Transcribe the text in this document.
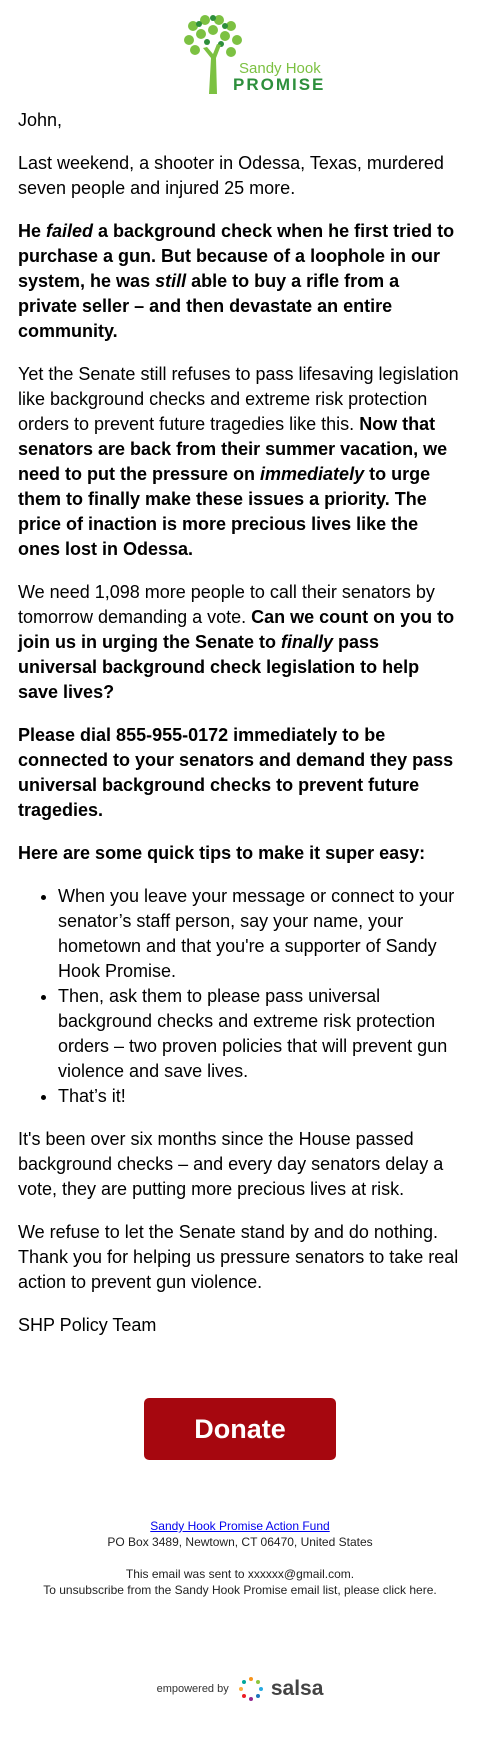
Sandy Hook
PROMISE

John,

Last weekend, a shooter in Odessa, Texas, murdered seven people and injured 25 more.

He failed a background check when he first tried to purchase a gun. But because of a loophole in our system, he was still able to buy a rifle from a private seller – and then devastate an entire community.

Yet the Senate still refuses to pass lifesaving legislation like background checks and extreme risk protection orders to prevent future tragedies like this. Now that senators are back from their summer vacation, we need to put the pressure on immediately to urge them to finally make these issues a priority. The price of inaction is more precious lives like the ones lost in Odessa.

We need 1,098 more people to call their senators by tomorrow demanding a vote. Can we count on you to join us in urging the Senate to finally pass universal background check legislation to help save lives?

Please dial 855-955-0172 immediately to be connected to your senators and demand they pass universal background checks to prevent future tragedies.

Here are some quick tips to make it super easy:

• When you leave your message or connect to your senator’s staff person, say your name, your hometown and that you're a supporter of Sandy Hook Promise.
• Then, ask them to please pass universal background checks and extreme risk protection orders – two proven policies that will prevent gun violence and save lives.
• That’s it!

It's been over six months since the House passed background checks – and every day senators delay a vote, they are putting more precious lives at risk.

We refuse to let the Senate stand by and do nothing. Thank you for helping us pressure senators to take real action to prevent gun violence.

SHP Policy Team

Donate
Sandy Hook Promise Action Fund
PO Box 3489, Newtown, CT 06470, United States
This email was sent to xxxxxx@gmail.com.
To unsubscribe from the Sandy Hook Promise email list, please click here.
empowered by salsa
